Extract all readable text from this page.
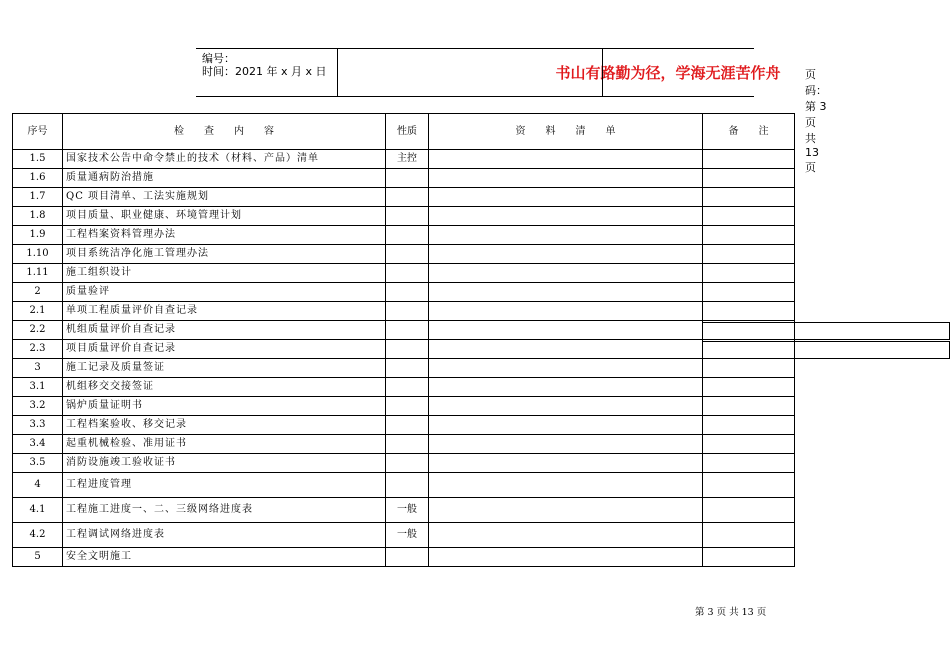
编号：
时间：2021 年 x 月 x 日	书山有路勤为径，学海无涯苦作舟	页码：第 3 页 共 13 页
序号	检　　查　　内　　容	性质	资　　料　　清　　单	备　　注
1.5	国家技术公告中命令禁止的技术（材料、产品）清单	主控		
1.6	质量通病防治措施			
1.7	QC 项目清单、工法实施规划			
1.8	项目质量、职业健康、环境管理计划			
1.9	工程档案资料管理办法			
1.10	项目系统洁净化施工管理办法			
1.11	施工组织设计			
2	质量验评			
2.1	单项工程质量评价自查记录			
2.2	机组质量评价自查记录			
2.3	项目质量评价自查记录			
3	施工记录及质量签证			
3.1	机组移交交接签证			
3.2	锅炉质量证明书			
3.3	工程档案验收、移交记录			
3.4	起重机械检验、准用证书			
3.5	消防设施竣工验收证书			
4	工程进度管理			
4.1	工程施工进度一、二、三级网络进度表	一般		
4.2	工程调试网络进度表	一般		
5	安全文明施工			
第 3 页 共 13 页
